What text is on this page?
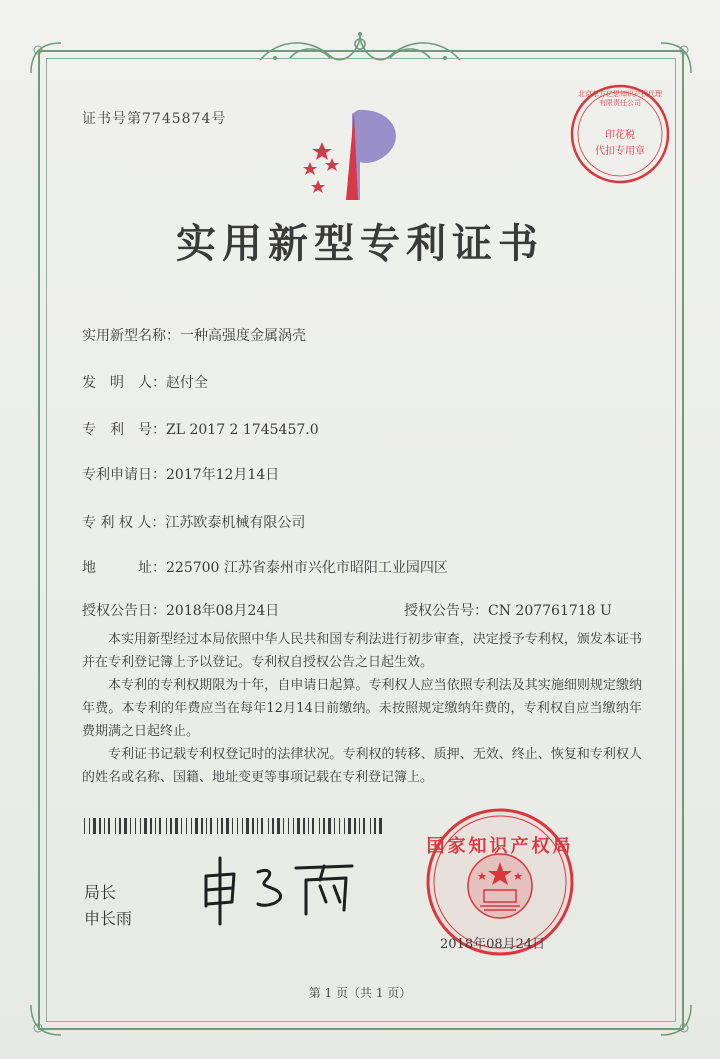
证书号第7745874号
北京东方亿思知识产权代理有限责任公司
印花税
代扣专用章
实用新型专利证书
实用新型名称：一种高强度金属涡壳
发　明　人：赵付全
专　利　号：ZL 2017 2 1745457.0
专利申请日：2017年12月14日
专 利 权 人：江苏欧泰机械有限公司
地　　　址：225700 江苏省泰州市兴化市昭阳工业园四区
授权公告日：2018年08月24日	授权公告号：CN 207761718 U

本实用新型经过本局依照中华人民共和国专利法进行初步审查，决定授予专利权，颁发本证书并在专利登记簿上予以登记。专利权自授权公告之日起生效。

本专利的专利权期限为十年，自申请日起算。专利权人应当依照专利法及其实施细则规定缴纳年费。本专利的年费应当在每年12月14日前缴纳。未按照规定缴纳年费的，专利权自应当缴纳年费期满之日起终止。

专利证书记载专利权登记时的法律状况。专利权的转移、质押、无效、终止、恢复和专利权人的姓名或名称、国籍、地址变更等事项记载在专利登记簿上。

局长
申长雨
国家知识产权局
2018年08月24日
第 1 页（共 1 页）
